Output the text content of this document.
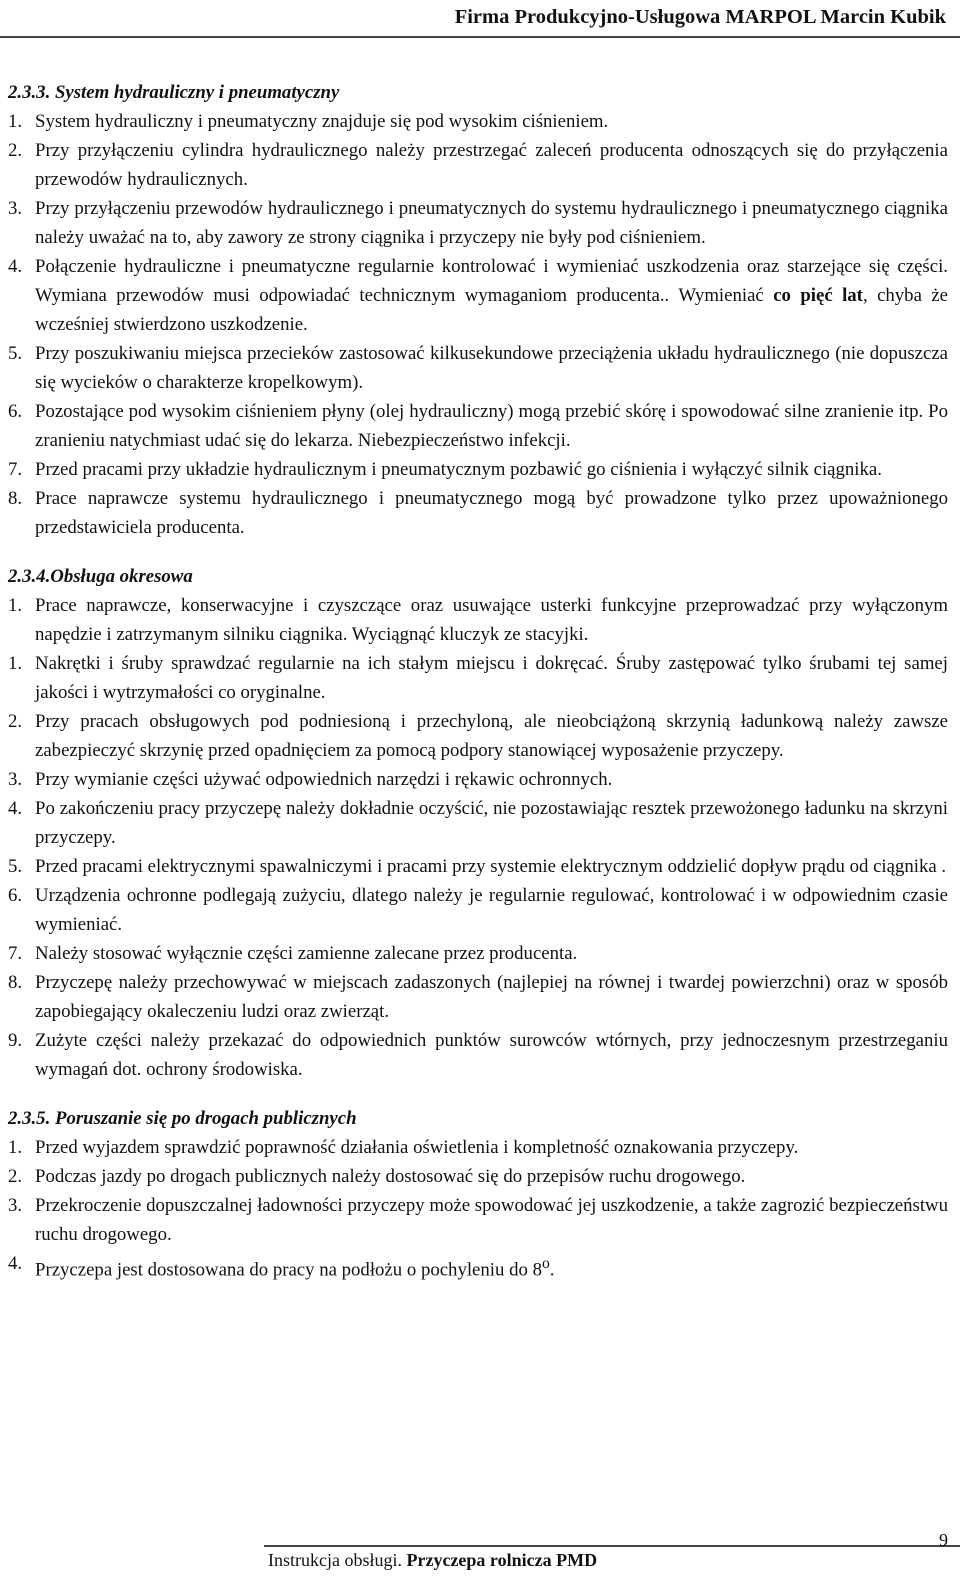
Firma Produkcyjno-Usługowa MARPOL Marcin Kubik
2.3.3. System hydrauliczny i pneumatyczny
1. System hydrauliczny i pneumatyczny znajduje się pod wysokim ciśnieniem.
2. Przy przyłączeniu cylindra hydraulicznego należy przestrzegać zaleceń producenta odnoszących się do przyłączenia przewodów hydraulicznych.
3. Przy przyłączeniu przewodów hydraulicznego i pneumatycznych do systemu hydraulicznego i pneumatycznego ciągnika należy uważać na to, aby zawory ze strony ciągnika i przyczepy nie były pod ciśnieniem.
4. Połączenie hydrauliczne i pneumatyczne regularnie kontrolować i wymieniać uszkodzenia oraz starzejące się części. Wymiana przewodów musi odpowiadać technicznym wymaganiom producenta.. Wymieniać co pięć lat, chyba że wcześniej stwierdzono uszkodzenie.
5. Przy poszukiwaniu miejsca przecieków zastosować kilkusekundowe przeciążenia układu hydraulicznego (nie dopuszcza się wycieków o charakterze kropelkowym).
6. Pozostające pod wysokim ciśnieniem płyny (olej hydrauliczny) mogą przebić skórę i spowodować silne zranienie itp. Po zranieniu natychmiast udać się do lekarza. Niebezpieczeństwo infekcji.
7. Przed pracami przy układzie hydraulicznym i pneumatycznym pozbawić go ciśnienia i wyłączyć silnik ciągnika.
8. Prace naprawcze systemu hydraulicznego i pneumatycznego mogą być prowadzone tylko przez upoważnionego przedstawiciela producenta.
2.3.4.Obsługa okresowa
1. Prace naprawcze, konserwacyjne i czyszczące oraz usuwające usterki funkcyjne przeprowadzać przy wyłączonym napędzie i zatrzymanym silniku ciągnika. Wyciągnąć kluczyk ze stacyjki.
1. Nakrętki i śruby sprawdzać regularnie na ich stałym miejscu i dokręcać. Śruby zastępować tylko śrubami tej samej jakości i wytrzymałości co oryginalne.
2. Przy pracach obsługowych pod podniesioną i przechyloną, ale nieobciążoną skrzynią ładunkową należy zawsze zabezpieczyć skrzynię przed opadnięciem za pomocą podpory stanowiącej wyposażenie przyczepy.
3. Przy wymianie części używać odpowiednich narzędzi i rękawic ochronnych.
4. Po zakończeniu pracy przyczepę należy dokładnie oczyścić, nie pozostawiając resztek przewożonego ładunku na skrzyni przyczepy.
5. Przed pracami elektrycznymi spawalniczymi i pracami przy systemie elektrycznym oddzielić dopływ prądu od ciągnika .
6. Urządzenia ochronne podlegają zużyciu, dlatego należy je regularnie regulować, kontrolować i w odpowiednim czasie wymieniać.
7. Należy stosować wyłącznie części zamienne zalecane przez producenta.
8. Przyczepę należy przechowywać w miejscach zadaszonych (najlepiej na równej i twardej powierzchni) oraz w sposób zapobiegający okaleczeniu ludzi oraz zwierząt.
9. Zużyte części należy przekazać do odpowiednich punktów surowców wtórnych, przy jednoczesnym przestrzeganiu wymagań dot. ochrony środowiska.
2.3.5. Poruszanie się po drogach publicznych
1. Przed wyjazdem sprawdzić poprawność działania oświetlenia i kompletność oznakowania przyczepy.
2. Podczas jazdy po drogach publicznych należy dostosować się do przepisów ruchu drogowego.
3. Przekroczenie dopuszczalnej ładowności przyczepy może spowodować jej uszkodzenie, a także zagrozić bezpieczeństwu ruchu drogowego.
4. Przyczepa jest dostosowana do pracy na podłożu o pochyleniu do 8$^o$.
Instrukcja obsługi. Przyczepa rolnicza PMD
9
